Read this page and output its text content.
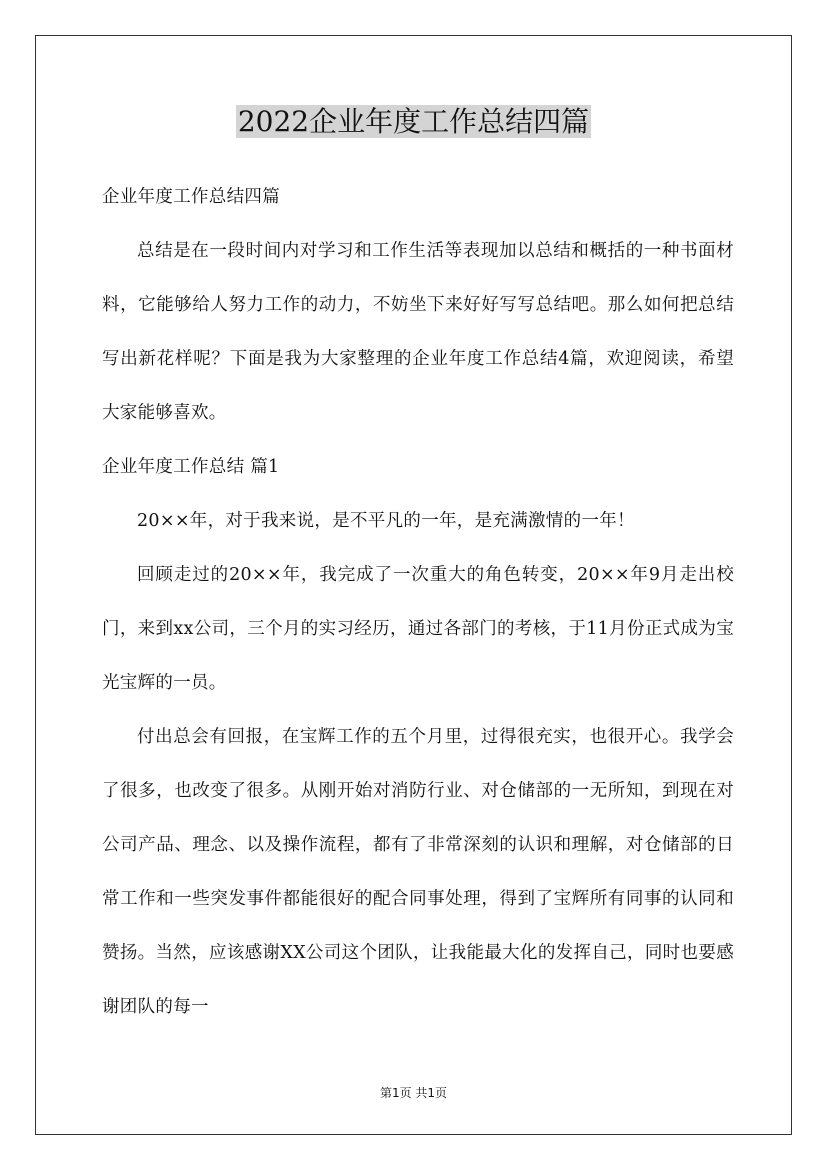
2022企业年度工作总结四篇

企业年度工作总结四篇

总结是在一段时间内对学习和工作生活等表现加以总结和概括的一种书面材料，它能够给人努力工作的动力，不妨坐下来好好写写总结吧。那么如何把总结写出新花样呢？下面是我为大家整理的企业年度工作总结4篇，欢迎阅读，希望大家能够喜欢。

企业年度工作总结 篇1

20××年，对于我来说，是不平凡的一年，是充满激情的一年！

回顾走过的20××年，我完成了一次重大的角色转变，20××年9月走出校门，来到xx公司，三个月的实习经历，通过各部门的考核，于11月份正式成为宝光宝辉的一员。

付出总会有回报，在宝辉工作的五个月里，过得很充实，也很开心。我学会了很多，也改变了很多。从刚开始对消防行业、对仓储部的一无所知，到现在对公司产品、理念、以及操作流程，都有了非常深刻的认识和理解，对仓储部的日常工作和一些突发事件都能很好的配合同事处理，得到了宝辉所有同事的认同和赞扬。当然，应该感谢XX公司这个团队，让我能最大化的发挥自己，同时也要感谢团队的每一

第1页 共1页
